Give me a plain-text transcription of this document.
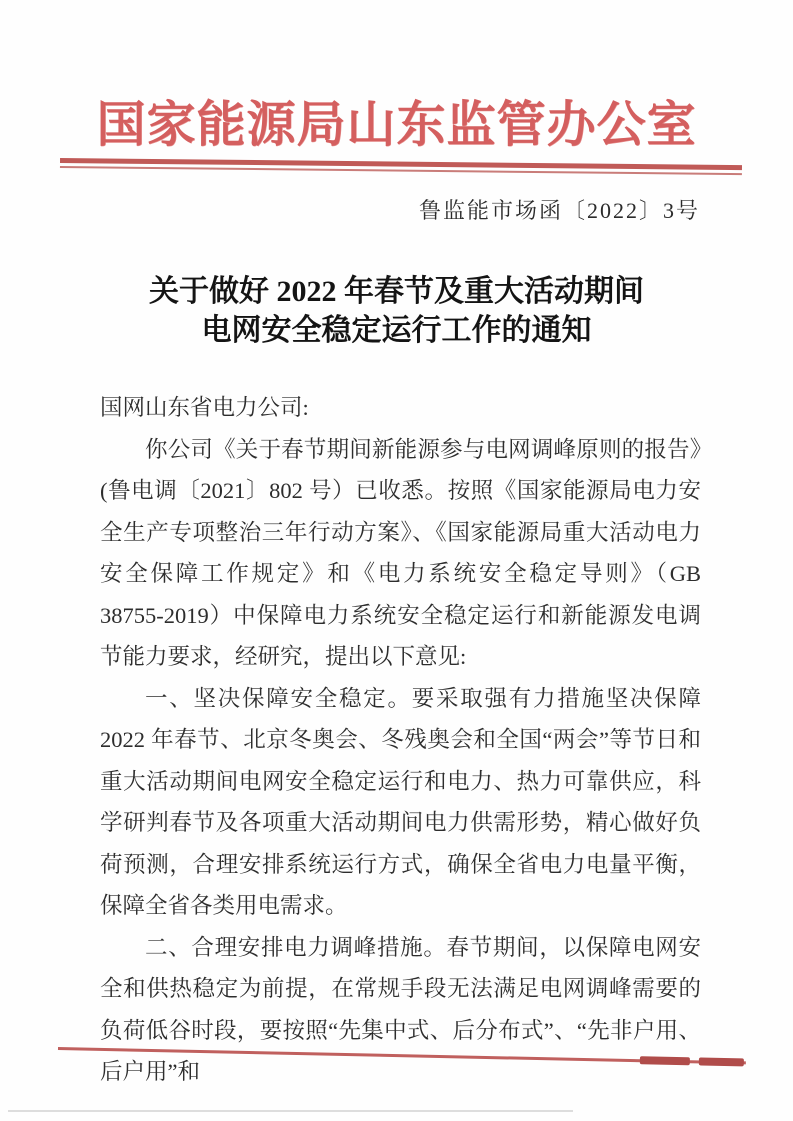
国家能源局山东监管办公室
鲁监能市场函〔2022〕3号
关于做好 2022 年春节及重大活动期间
电网安全稳定运行工作的通知

国网山东省电力公司:

你公司《关于春节期间新能源参与电网调峰原则的报告》(鲁电调〔2021〕802 号）已收悉。按照《国家能源局电力安全生产专项整治三年行动方案》、《国家能源局重大活动电力安全保障工作规定》和《电力系统安全稳定导则》（GB 38755-2019）中保障电力系统安全稳定运行和新能源发电调节能力要求，经研究，提出以下意见:

一、坚决保障安全稳定。要采取强有力措施坚决保障 2022 年春节、北京冬奥会、冬残奥会和全国“两会”等节日和重大活动期间电网安全稳定运行和电力、热力可靠供应，科学研判春节及各项重大活动期间电力供需形势，精心做好负荷预测，合理安排系统运行方式，确保全省电力电量平衡，保障全省各类用电需求。

二、合理安排电力调峰措施。春节期间，以保障电网安全和供热稳定为前提，在常规手段无法满足电网调峰需要的负荷低谷时段，要按照“先集中式、后分布式”、“先非户用、后户用”和
